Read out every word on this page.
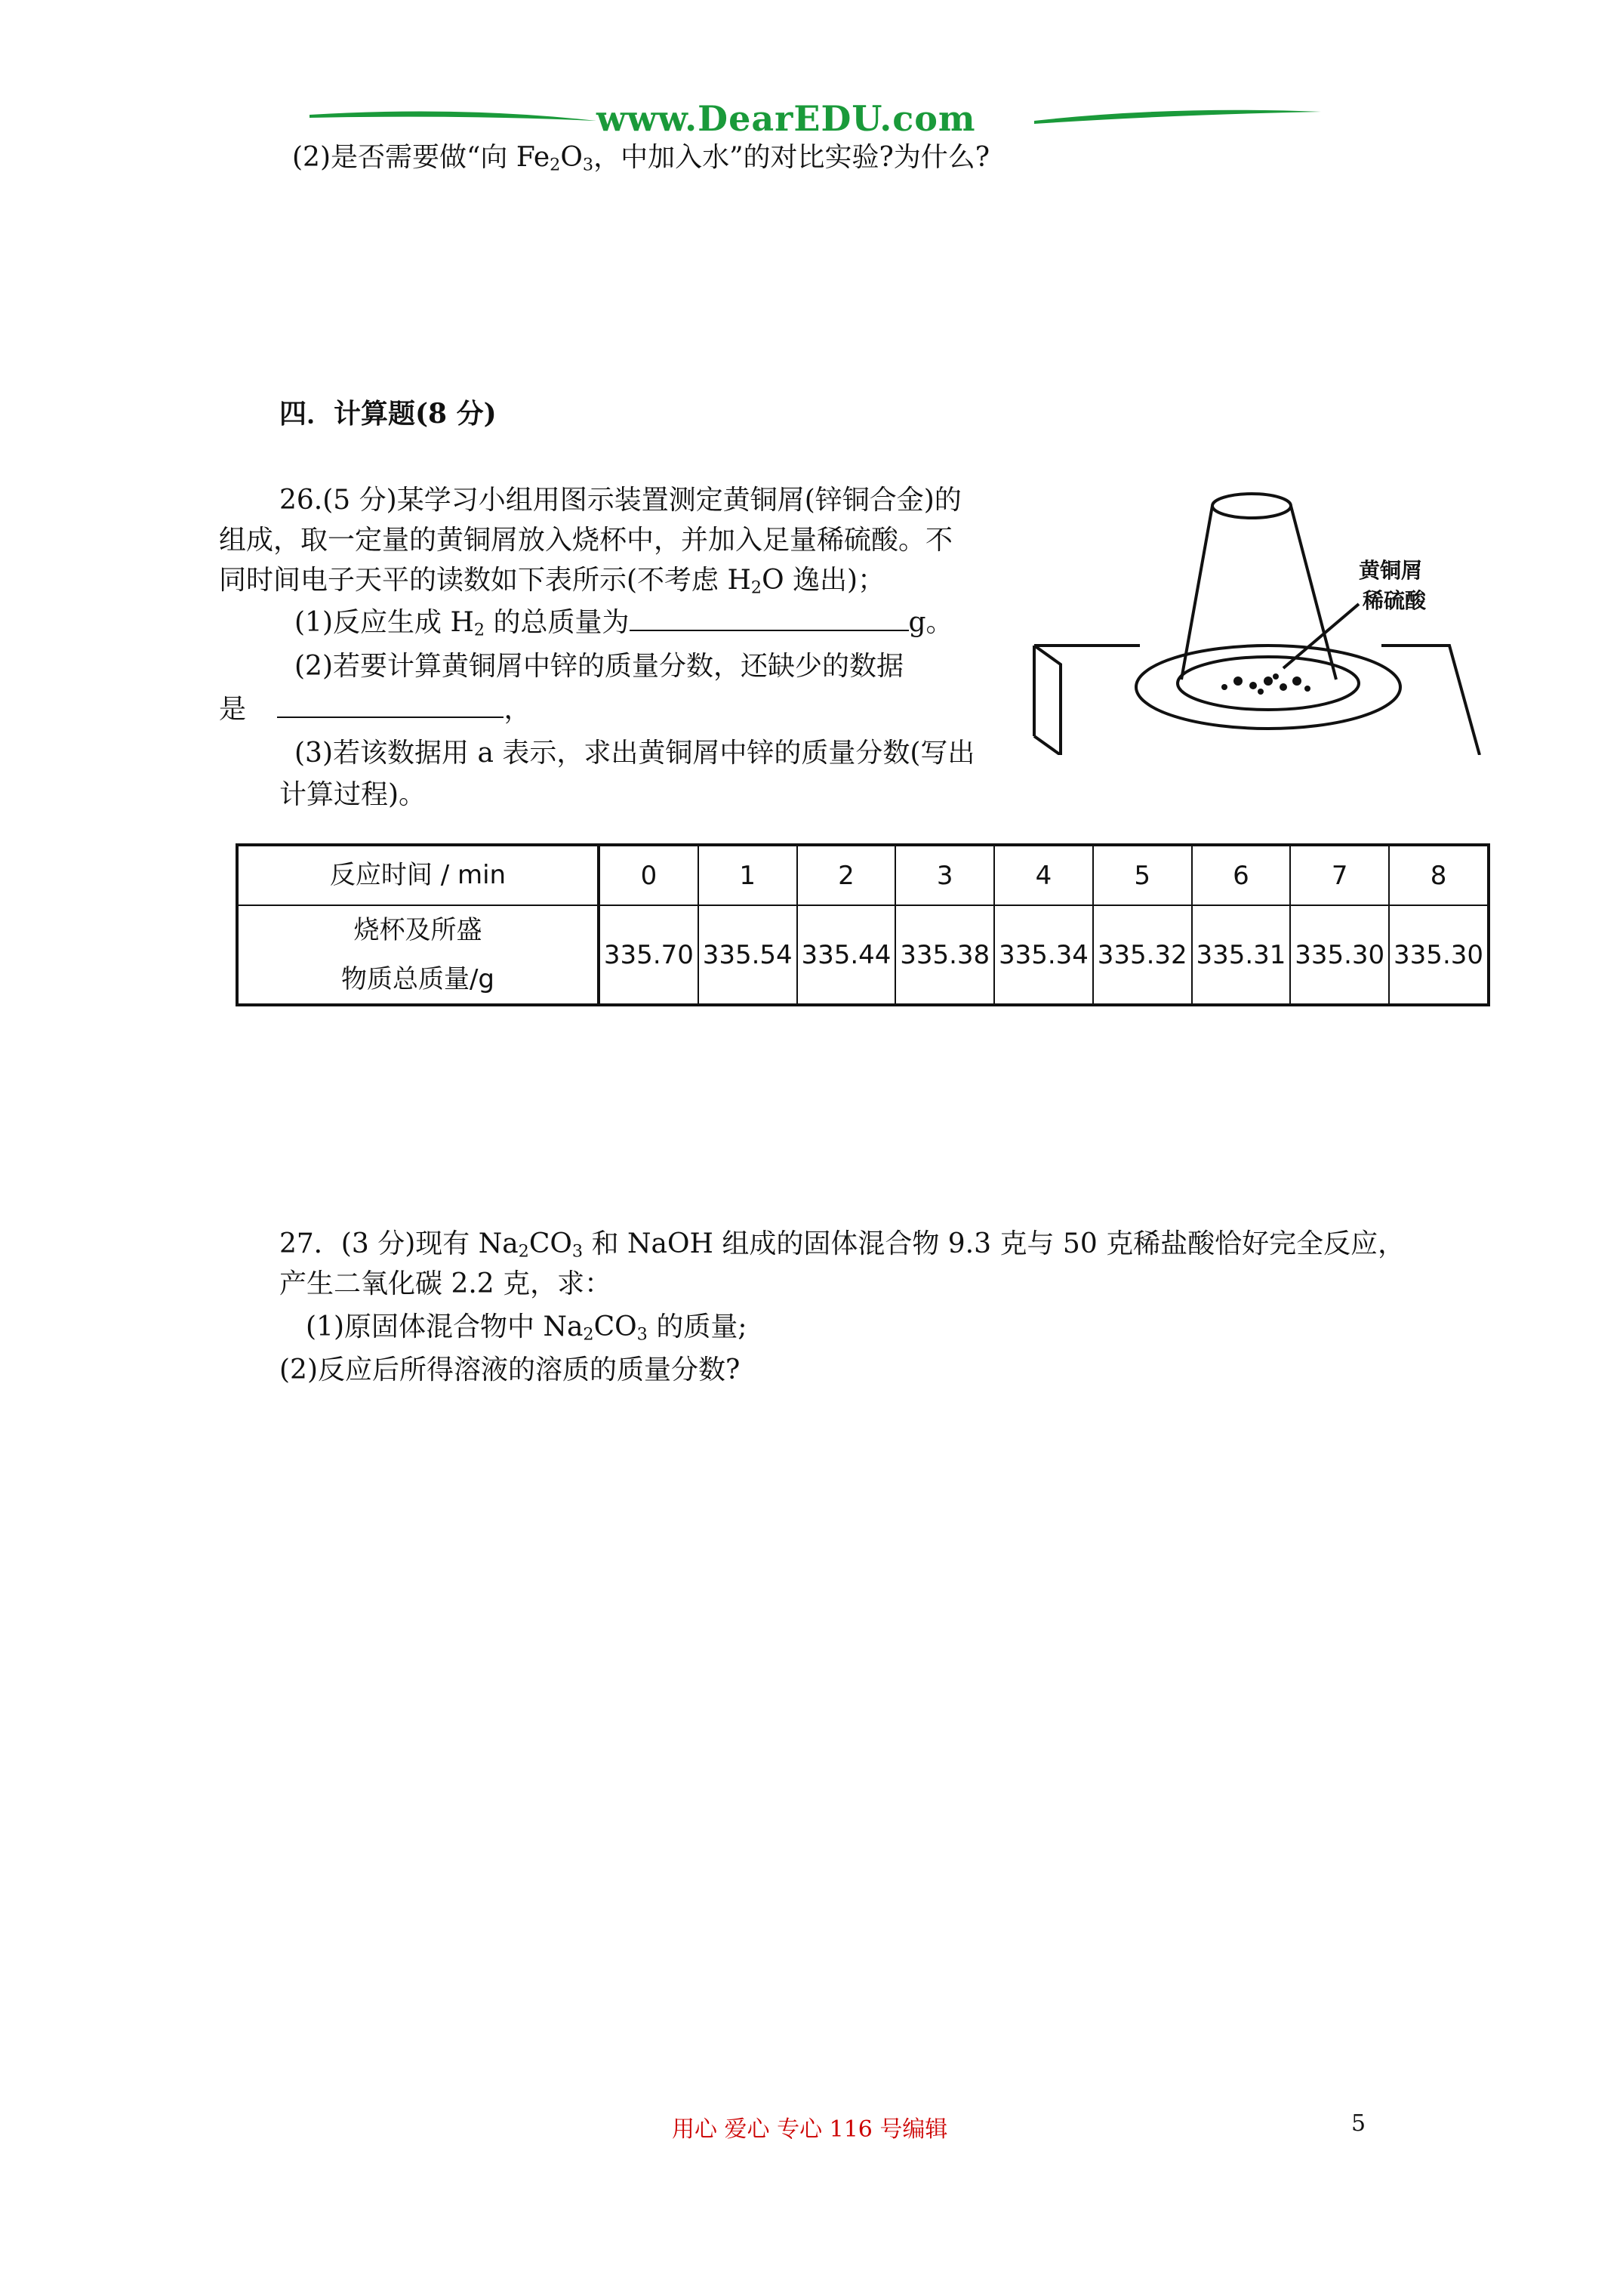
www.DearEDU.com
(2)是否需要做“向 $Fe_2O_3$，中加入水”的对比实验?为什么?
四．计算题(8 分)
26.(5 分)某学习小组用图示装置测定黄铜屑(锌铜合金)的
组成，取一定量的黄铜屑放入烧杯中，并加入足量稀硫酸。不
同时间电子天平的读数如下表所示(不考虑 $H_2O$ 逸出)；
(1)反应生成 $H_2$ 的总质量为	g。
(2)若要计算黄铜屑中锌的质量分数，还缺少的数据
是	，
(3)若该数据用 a 表示，求出黄铜屑中锌的质量分数(写出
计算过程)。
黄铜屑
稀硫酸
反应时间 / min	0	1	2	3	4	5	6	7	8
烧杯及所盛
物质总质量/g	335.70	335.54	335.44	335.38	335.34	335.32	335.31	335.30	335.30
27．(3 分)现有 $Na_2CO_3$ 和 NaOH 组成的固体混合物 9.3 克与 50 克稀盐酸恰好完全反应，
产生二氧化碳 2.2 克，求：
(1)原固体混合物中 $Na_2CO_3$ 的质量;
(2)反应后所得溶液的溶质的质量分数?
用心 爱心 专心 116 号编辑	5
